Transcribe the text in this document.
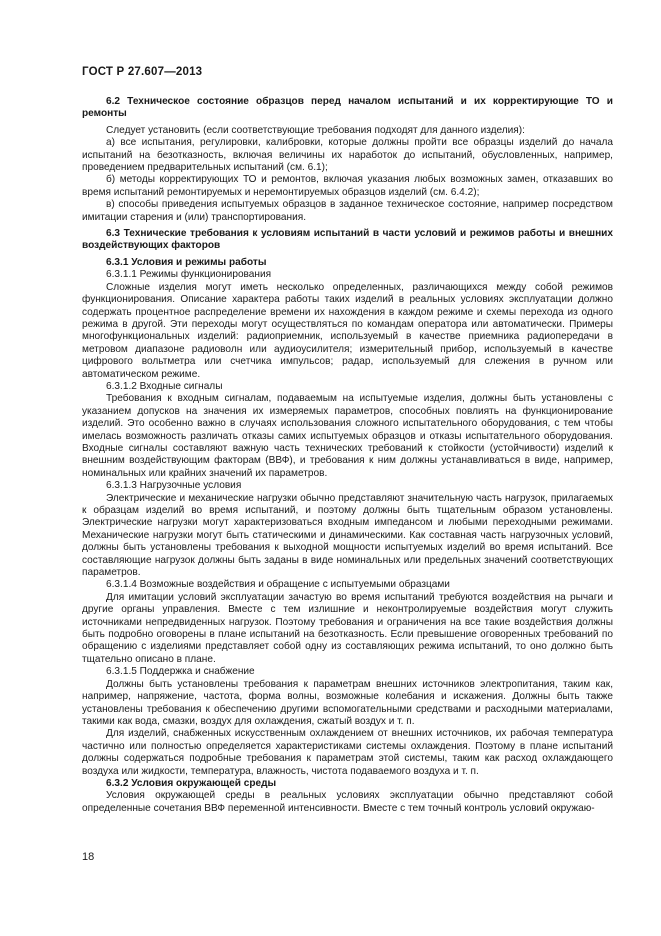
ГОСТ Р 27.607—2013

6.2 Техническое состояние образцов перед началом испытаний и их корректирующие ТО и ремонты

Следует установить (если соответствующие требования подходят для данного изделия):

а) все испытания, регулировки, калибровки, которые должны пройти все образцы изделий до начала испытаний на безотказность, включая величины их наработок до испытаний, обусловленных, например, проведением предварительных испытаний (см. 6.1);

б) методы корректирующих ТО и ремонтов, включая указания любых возможных замен, отказавших во время испытаний ремонтируемых и неремонтируемых образцов изделий (см. 6.4.2);

в) способы приведения испытуемых образцов в заданное техническое состояние, например посредством имитации старения и (или) транспортирования.

6.3 Технические требования к условиям испытаний в части условий и режимов работы и внешних воздействующих факторов

6.3.1 Условия и режимы работы

6.3.1.1 Режимы функционирования

Сложные изделия могут иметь несколько определенных, различающихся между собой режимов функционирования. Описание характера работы таких изделий в реальных условиях эксплуатации должно содержать процентное распределение времени их нахождения в каждом режиме и схемы перехода из одного режима в другой. Эти переходы могут осуществляться по командам оператора или автоматически. Примеры многофункциональных изделий: радиоприемник, используемый в качестве приемника радиопередачи в метровом диапазоне радиоволн или аудиоусилителя; измерительный прибор, используемый в качестве цифрового вольтметра или счетчика импульсов; радар, используемый для слежения в ручном или автоматическом режиме.

6.3.1.2 Входные сигналы

Требования к входным сигналам, подаваемым на испытуемые изделия, должны быть установлены с указанием допусков на значения их измеряемых параметров, способных повлиять на функционирование изделий. Это особенно важно в случаях использования сложного испытательного оборудования, с тем чтобы имелась возможность различать отказы самих испытуемых образцов и отказы испытательного оборудования. Входные сигналы составляют важную часть технических требований к стойкости (устойчивости) изделий к внешним воздействующим факторам (ВВФ), и требования к ним должны устанавливаться в виде, например, номинальных или крайних значений их параметров.

6.3.1.3 Нагрузочные условия

Электрические и механические нагрузки обычно представляют значительную часть нагрузок, прилагаемых к образцам изделий во время испытаний, и поэтому должны быть тщательным образом установлены. Электрические нагрузки могут характеризоваться входным импедансом и любыми переходными режимами. Механические нагрузки могут быть статическими и динамическими. Как составная часть нагрузочных условий, должны быть установлены требования к выходной мощности испытуемых изделий во время испытаний. Все составляющие нагрузок должны быть заданы в виде номинальных или предельных значений соответствующих параметров.

6.3.1.4 Возможные воздействия и обращение с испытуемыми образцами

Для имитации условий эксплуатации зачастую во время испытаний требуются воздействия на рычаги и другие органы управления. Вместе с тем излишние и неконтролируемые воздействия могут служить источниками непредвиденных нагрузок. Поэтому требования и ограничения на все такие воздействия должны быть подробно оговорены в плане испытаний на безотказность. Если превышение оговоренных требований по обращению с изделиями представляет собой одну из составляющих режима испытаний, то оно должно быть тщательно описано в плане.

6.3.1.5 Поддержка и снабжение

Должны быть установлены требования к параметрам внешних источников электропитания, таким как, например, напряжение, частота, форма волны, возможные колебания и искажения. Должны быть также установлены требования к обеспечению другими вспомогательными средствами и расходными материалами, такими как вода, смазки, воздух для охлаждения, сжатый воздух и т. п.

Для изделий, снабженных искусственным охлаждением от внешних источников, их рабочая температура частично или полностью определяется характеристиками системы охлаждения. Поэтому в плане испытаний должны содержаться подробные требования к параметрам этой системы, таким как расход охлаждающего воздуха или жидкости, температура, влажность, чистота подаваемого воздуха и т. п.

6.3.2 Условия окружающей среды

Условия окружающей среды в реальных условиях эксплуатации обычно представляют собой определенные сочетания ВВФ переменной интенсивности. Вместе с тем точный контроль условий окружаю-

18
